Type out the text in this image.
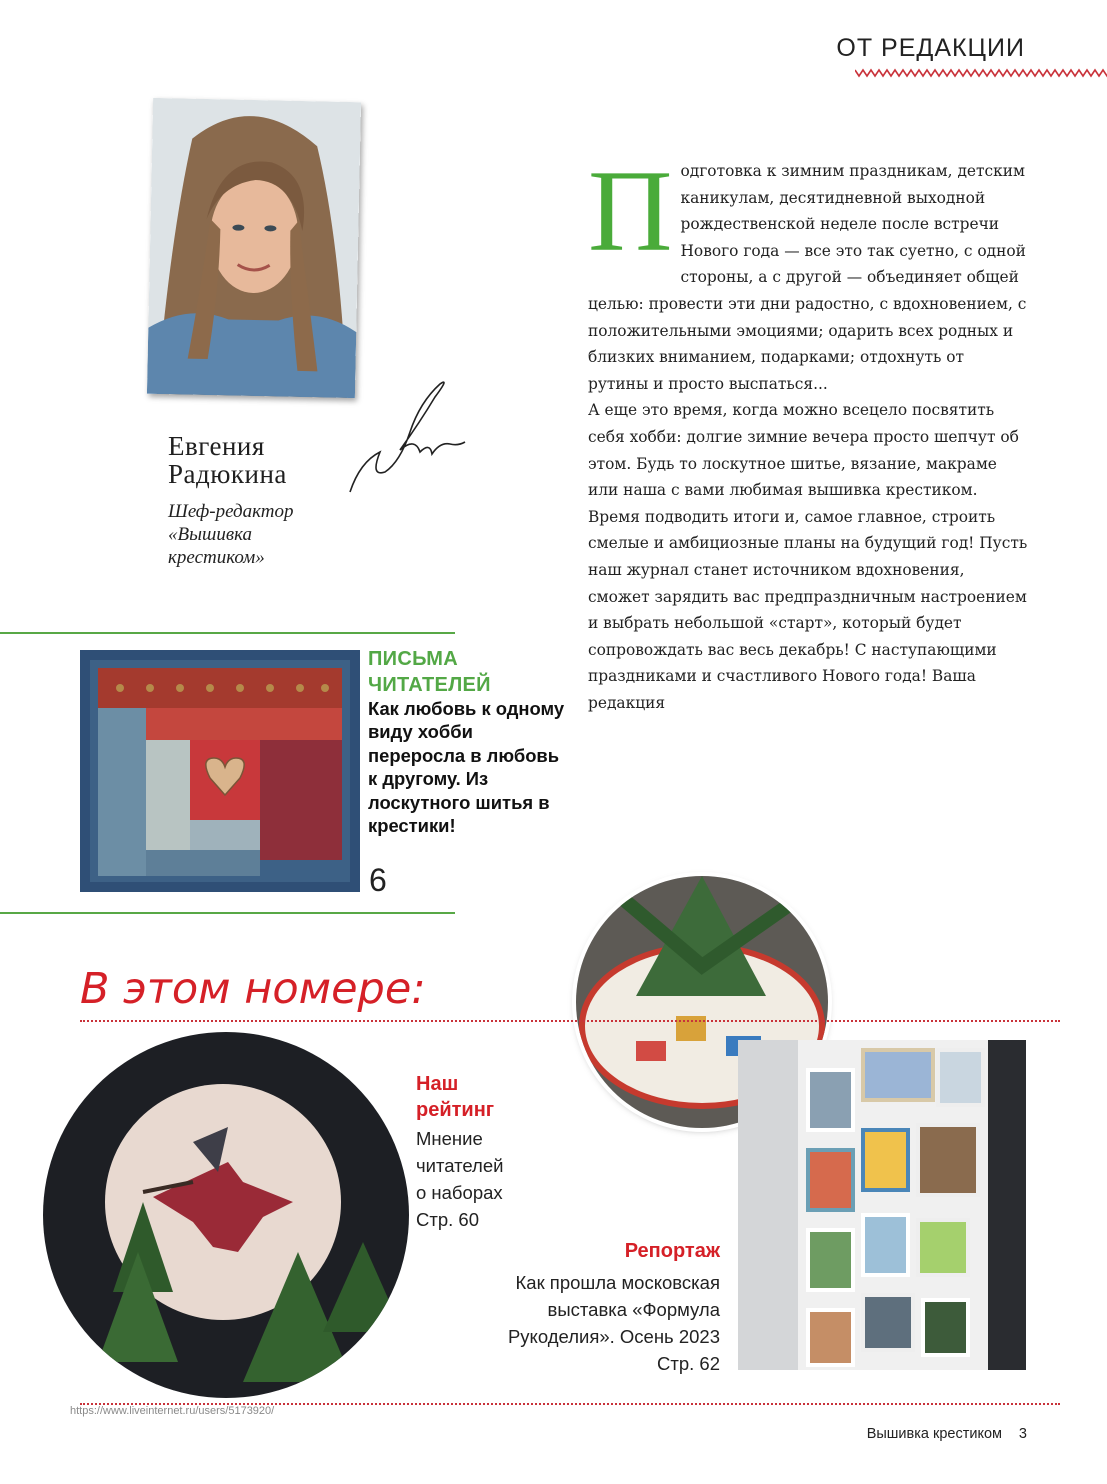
ОТ РЕДАКЦИИ
Евгения
Радюкина
Шеф-редактор
«Вышивка
крестиком»
П одготовка к зимним праздникам, детским каникулам, десятидневной выходной рождественской неделе после встречи Нового года — все это так суетно, с одной стороны, а с другой — объединяет общей целью: провести эти дни радостно, с вдохновением, с положительными эмоциями; одарить всех родных и близких вниманием, подарками; отдохнуть от рутины и просто выспаться...

А еще это время, когда можно всецело посвятить себя хобби: долгие зимние вечера просто шепчут об этом. Будь то лоскутное шитье, вязание, макраме или наша с вами любимая вышивка крестиком. Время подводить итоги и, самое главное, строить смелые и амбициозные планы на будущий год! Пусть наш журнал станет источником вдохновения, сможет зарядить вас предпраздничным настроением и выбрать небольшой «старт», который будет сопровождать вас весь декабрь! С наступающими праздниками и счастливого Нового года! Ваша редакция

ПИСЬМА
ЧИТАТЕЛЕЙ
Как любовь к одному виду хобби переросла в любовь к другому. Из лоскутного шитья в крестики!
6
В этом номере:
Наш
рейтинг
Мнение
читателей
о наборах
Стр. 60
Репортаж
Как прошла московская выставка «Формула Рукоделия». Осень 2023
Стр. 62
https://www.liveinternet.ru/users/5173920/
Вышивка крестиком 3
